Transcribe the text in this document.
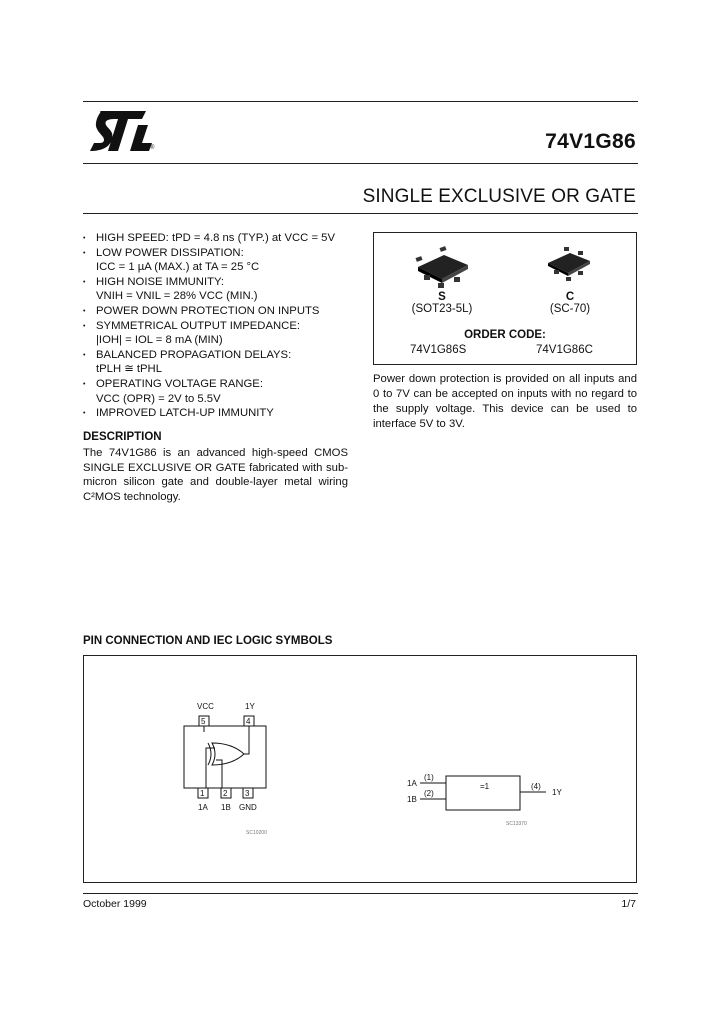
®	74V1G86
SINGLE EXCLUSIVE OR GATE
• HIGH SPEED: tPD = 4.8 ns (TYP.) at VCC = 5V
• LOW POWER DISSIPATION:
ICC = 1 µA (MAX.) at TA = 25 °C
• HIGH NOISE IMMUNITY:
VNIH = VNIL = 28% VCC (MIN.)
• POWER DOWN PROTECTION ON INPUTS
• SYMMETRICAL OUTPUT IMPEDANCE:
|IOH| = IOL = 8 mA (MIN)
• BALANCED PROPAGATION DELAYS:
tPLH ≅ tPHL
• OPERATING VOLTAGE RANGE:
VCC (OPR) = 2V to 5.5V
• IMPROVED LATCH-UP IMMUNITY
DESCRIPTION
The 74V1G86 is an advanced high-speed CMOS SINGLE EXCLUSIVE OR GATE fabricated with sub-micron silicon gate and double-layer metal wiring C²MOS technology.
S
(SOT23-5L)
C
(SC-70)
ORDER CODE:
74V1G86S	74V1G86C
Power down protection is provided on all inputs and 0 to 7V can be accepted on inputs with no regard to the supply voltage. This device can be used to interface 5V to 3V.
PIN CONNECTION AND IEC LOGIC SYMBOLS
VCC	1Y
5	4
1 2 3
1A 1B GND
SC10200
1A
(1)
1B
(2)
=1	(4)
1Y
SC13370
October 1999	1/7
